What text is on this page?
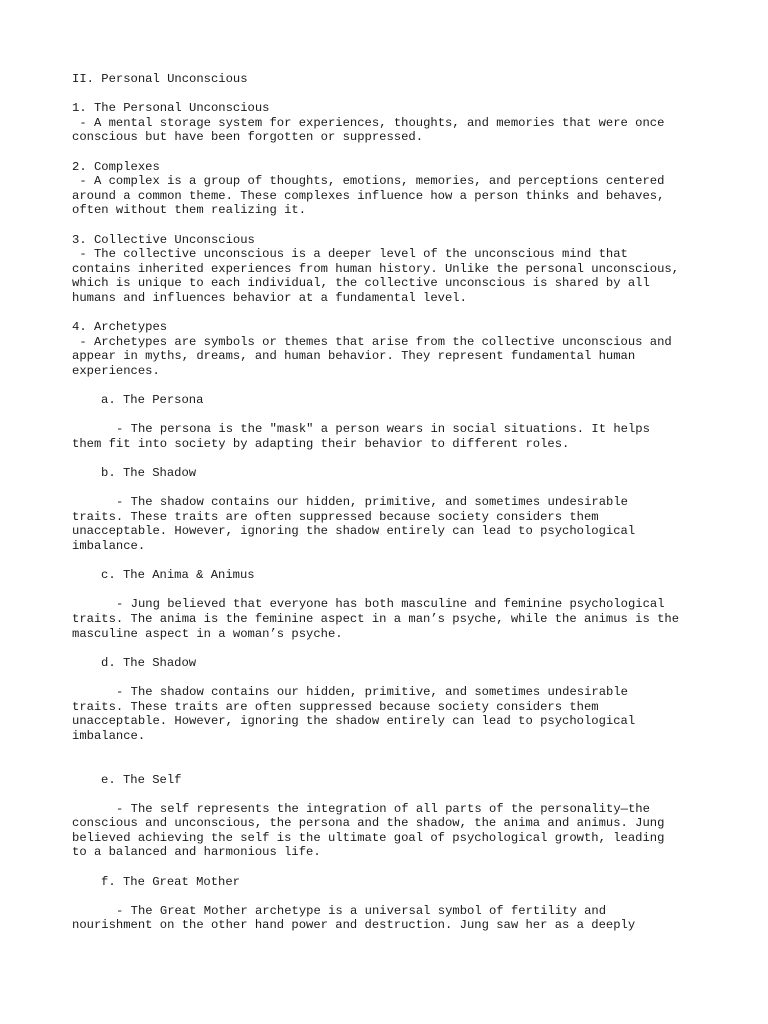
II. Personal Unconscious

1. The Personal Unconscious

- A mental storage system for experiences, thoughts, and memories that were once

conscious but have been forgotten or suppressed.

2. Complexes

- A complex is a group of thoughts, emotions, memories, and perceptions centered

around a common theme. These complexes influence how a person thinks and behaves,

often without them realizing it.

3. Collective Unconscious

- The collective unconscious is a deeper level of the unconscious mind that

contains inherited experiences from human history. Unlike the personal unconscious,

which is unique to each individual, the collective unconscious is shared by all

humans and influences behavior at a fundamental level.

4. Archetypes

- Archetypes are symbols or themes that arise from the collective unconscious and

appear in myths, dreams, and human behavior. They represent fundamental human

experiences.

a. The Persona

- The persona is the "mask" a person wears in social situations. It helps

them fit into society by adapting their behavior to different roles.

b. The Shadow

- The shadow contains our hidden, primitive, and sometimes undesirable

traits. These traits are often suppressed because society considers them

unacceptable. However, ignoring the shadow entirely can lead to psychological

imbalance.

c. The Anima & Animus

- Jung believed that everyone has both masculine and feminine psychological

traits. The anima is the feminine aspect in a man’s psyche, while the animus is the

masculine aspect in a woman’s psyche.

d. The Shadow

- The shadow contains our hidden, primitive, and sometimes undesirable

traits. These traits are often suppressed because society considers them

unacceptable. However, ignoring the shadow entirely can lead to psychological

imbalance.

e. The Self

- The self represents the integration of all parts of the personality—the

conscious and unconscious, the persona and the shadow, the anima and animus. Jung

believed achieving the self is the ultimate goal of psychological growth, leading

to a balanced and harmonious life.

f. The Great Mother

- The Great Mother archetype is a universal symbol of fertility and

nourishment on the other hand power and destruction. Jung saw her as a deeply
